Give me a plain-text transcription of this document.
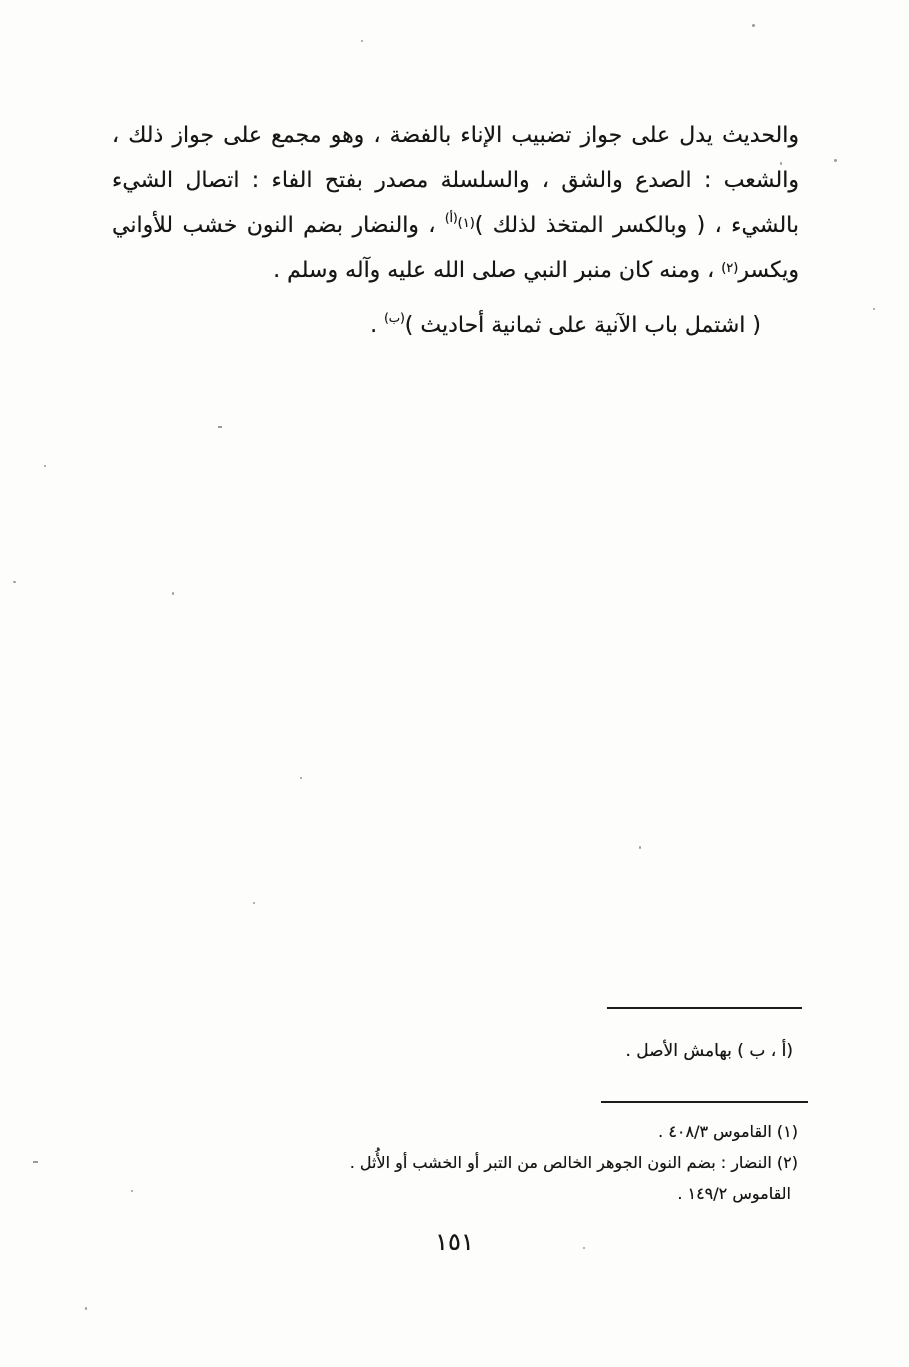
والحديث يدل على جواز تضبيب الإناء بالفضة ، وهو مجمع على جواز ذلك ،
والشعب : الصدع والشق ، والسلسلة مصدر بفتح الفاء : اتصال الشيء
بالشيء ، ( وبالكسر المتخذ لذلك )$^{(١)(أ)}$ ، والنضار بضم النون خشب للأواني
ويكسر$^{(٢)}$ ، ومنه كان منبر النبي صلى الله عليه وآله وسلم .
( اشتمل باب الآنية على ثمانية أحاديث )$^{(ب)}$ .
(أ ، ب ) بهامش الأصل .
(١) القاموس ٤٠٨/٣ .
(٢) النضار : بضم النون الجوهر الخالص من التبر أو الخشب أو الأُثل .
القاموس ١٤٩/٢ .
١٥١
